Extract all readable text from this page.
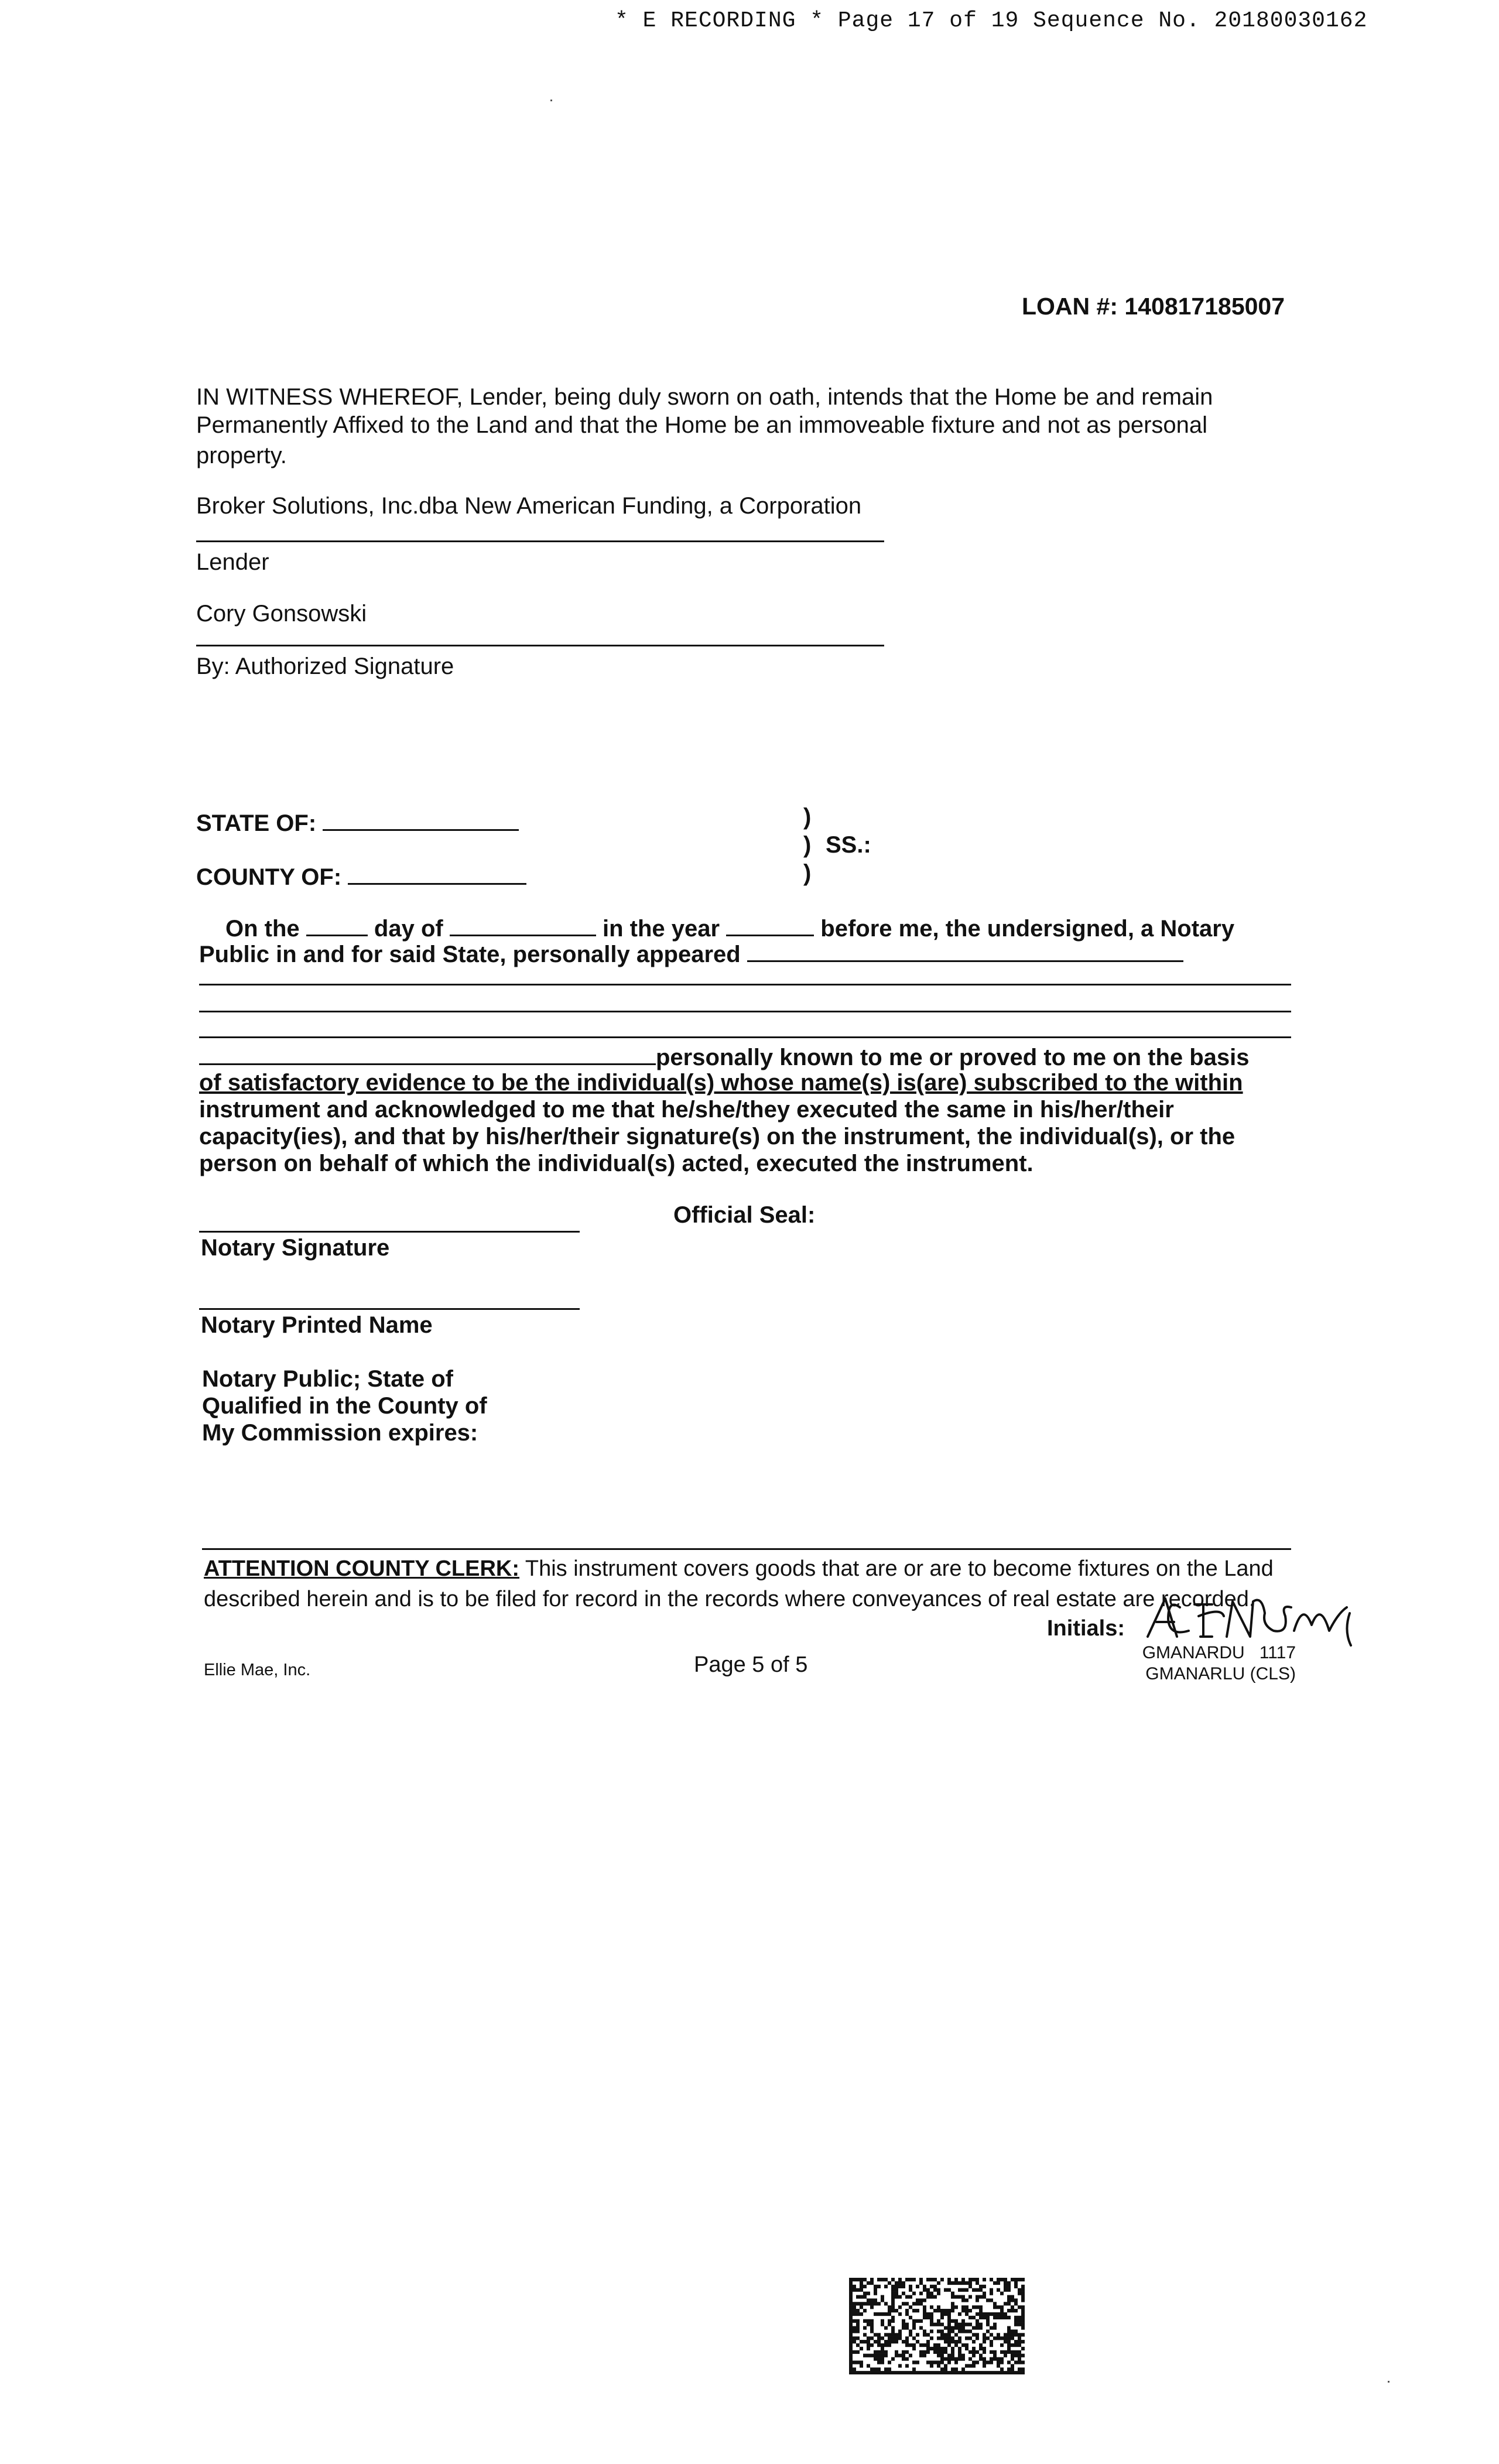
* E RECORDING * Page 17 of 19 Sequence No. 20180030162
LOAN #: 140817185007
IN WITNESS WHEREOF, Lender, being duly sworn on oath, intends that the Home be and remain
Permanently Affixed to the Land and that the Home be an immoveable fixture and not as personal
property.
Broker Solutions, Inc.dba New American Funding, a Corporation
Lender
Cory Gonsowski
By: Authorized Signature
STATE OF:
COUNTY OF:
)
) SS.:
)
On the	day of	in the year	before me, the undersigned, a Notary
Public in and for said State, personally appeared
personally known to me or proved to me on the basis
of satisfactory evidence to be the individual(s) whose name(s) is(are) subscribed to the within
instrument and acknowledged to me that he/she/they executed the same in his/her/their
capacity(ies), and that by his/her/their signature(s) on the instrument, the individual(s), or the
person on behalf of which the individual(s) acted, executed the instrument.
Official Seal:
Notary Signature
Notary Printed Name
Notary Public; State of
Qualified in the County of
My Commission expires:
ATTENTION COUNTY CLERK: This instrument covers goods that are or are to become fixtures on the Land
described herein and is to be filed for record in the records where conveyances of real estate are recorded.
Initials:
Ellie Mae, Inc.	Page 5 of 5	GMANARDU   1117
GMANARLU (CLS)
